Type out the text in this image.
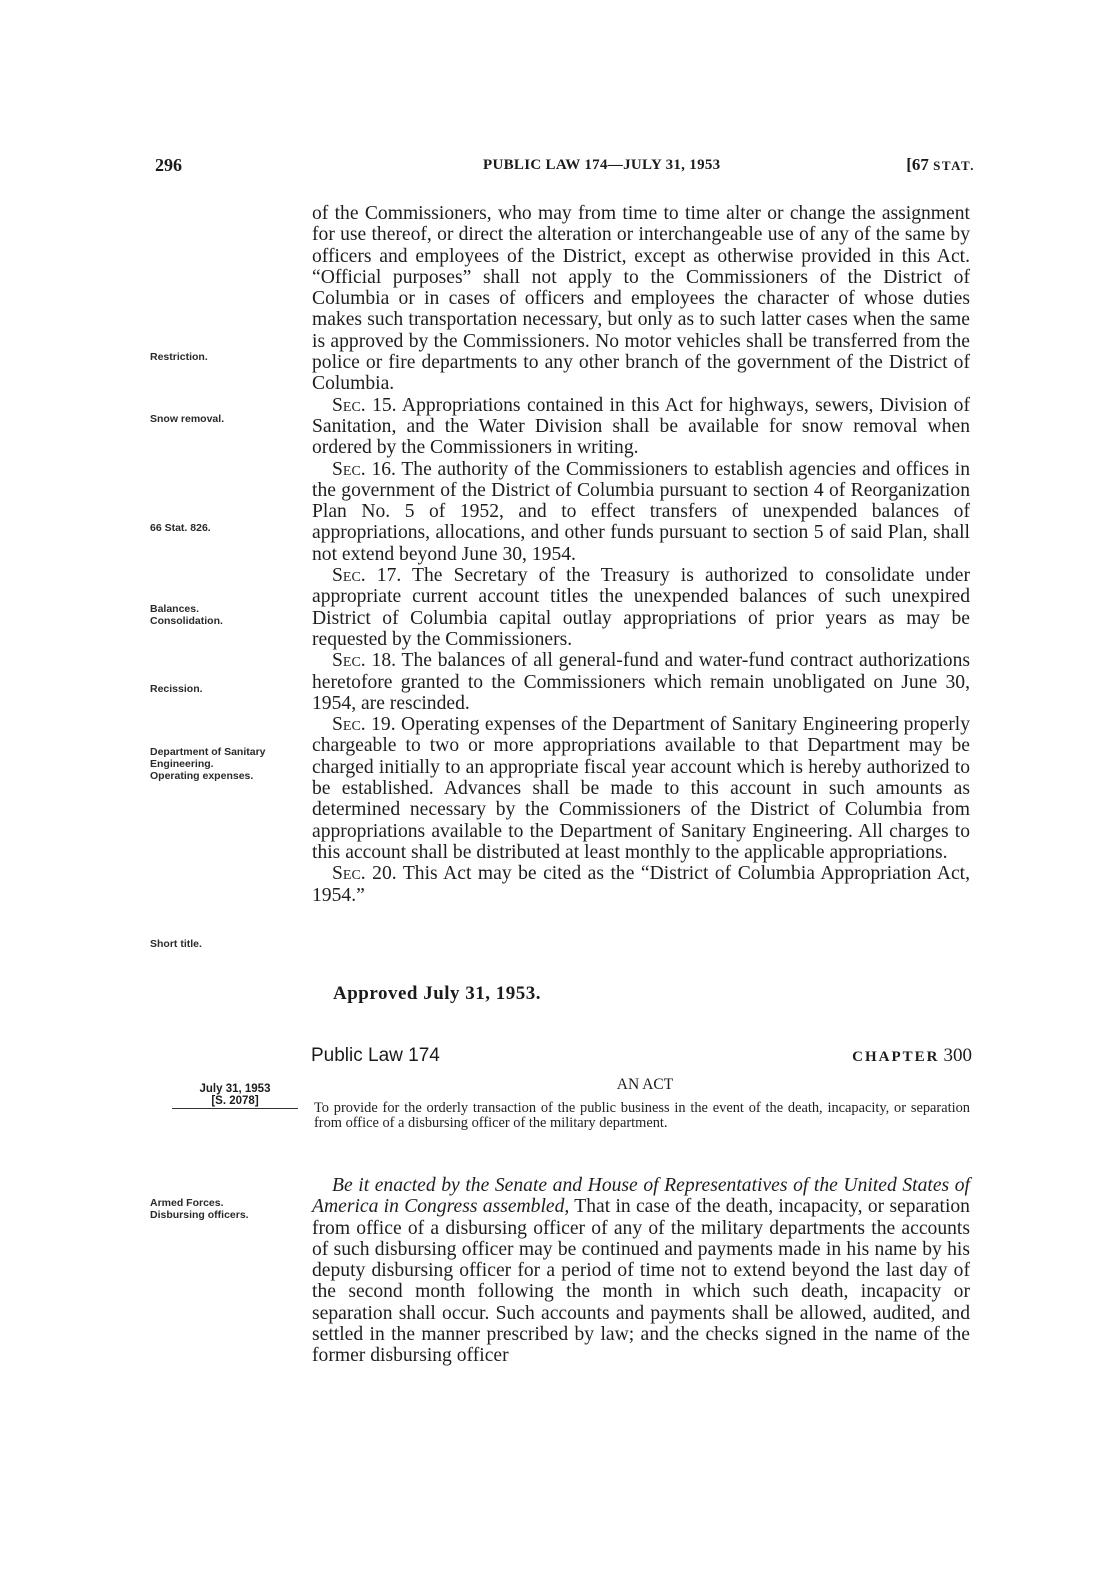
296	PUBLIC LAW 174—JULY 31, 1953	[67 STAT.
Restriction.
Snow removal.
66 Stat. 826.
Balances.
Consolidation.
Recission.
Department of Sanitary Engineering.
Operating expenses.
Short title.

of the Commissioners, who may from time to time alter or change the assignment for use thereof, or direct the alteration or interchangeable use of any of the same by officers and employees of the District, except as otherwise provided in this Act. “Official purposes” shall not apply to the Commissioners of the District of Columbia or in cases of officers and employees the character of whose duties makes such transportation necessary, but only as to such latter cases when the same is approved by the Commissioners. No motor vehicles shall be transferred from the police or fire departments to any other branch of the government of the District of Columbia.

Sec. 15. Appropriations contained in this Act for highways, sewers, Division of Sanitation, and the Water Division shall be available for snow removal when ordered by the Commissioners in writing.

Sec. 16. The authority of the Commissioners to establish agencies and offices in the government of the District of Columbia pursuant to section 4 of Reorganization Plan No. 5 of 1952, and to effect transfers of unexpended balances of appropriations, allocations, and other funds pursuant to section 5 of said Plan, shall not extend beyond June 30, 1954.

Sec. 17. The Secretary of the Treasury is authorized to consolidate under appropriate current account titles the unexpended balances of such unexpired District of Columbia capital outlay appropriations of prior years as may be requested by the Commissioners.

Sec. 18. The balances of all general-fund and water-fund contract authorizations heretofore granted to the Commissioners which remain unobligated on June 30, 1954, are rescinded.

Sec. 19. Operating expenses of the Department of Sanitary Engineering properly chargeable to two or more appropriations available to that Department may be charged initially to an appropriate fiscal year account which is hereby authorized to be established. Advances shall be made to this account in such amounts as determined necessary by the Commissioners of the District of Columbia from appropriations available to the Department of Sanitary Engineering. All charges to this account shall be distributed at least monthly to the applicable appropriations.

Sec. 20. This Act may be cited as the “District of Columbia Appropriation Act, 1954.”

Approved July 31, 1953.
Public Law 174	CHAPTER 300
AN ACT
July 31, 1953
[S. 2078]	To provide for the orderly transaction of the public business in the event of the death, incapacity, or separation from office of a disbursing officer of the military department.

Armed Forces.
Disbursing officers.

Be it enacted by the Senate and House of Representatives of the United States of America in Congress assembled, That in case of the death, incapacity, or separation from office of a disbursing officer of any of the military departments the accounts of such disbursing officer may be continued and payments made in his name by his deputy disbursing officer for a period of time not to extend beyond the last day of the second month following the month in which such death, incapacity or separation shall occur. Such accounts and payments shall be allowed, audited, and settled in the manner prescribed by law; and the checks signed in the name of the former disbursing officer
